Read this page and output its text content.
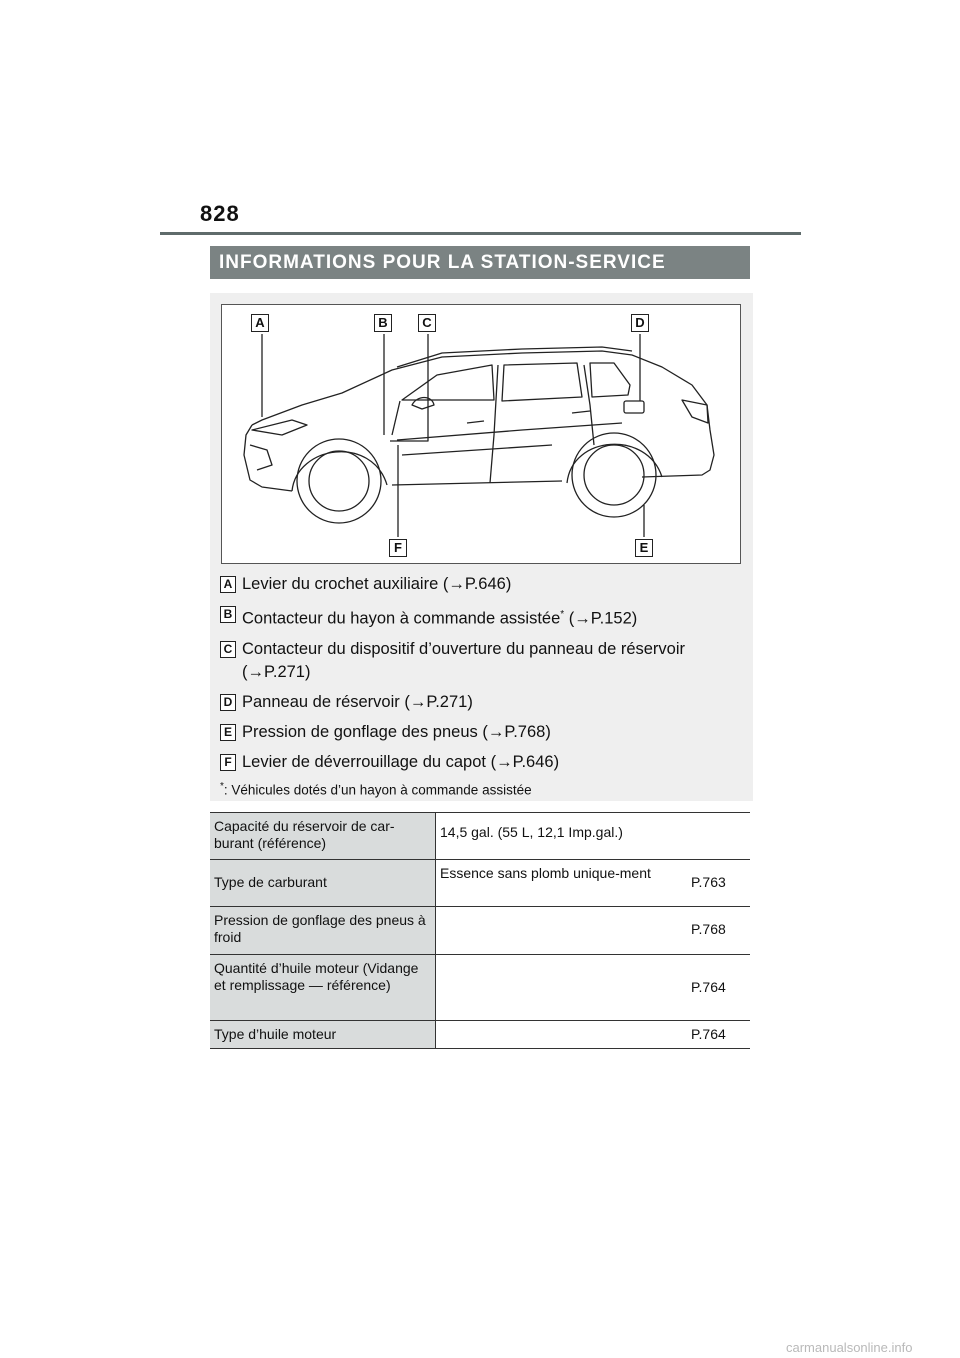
828
INFORMATIONS POUR LA STATION-SERVICE
A	B	C	D
F	E
A Levier du crochet auxiliaire (→P.646)
B Contacteur du hayon à commande assistée* (→P.152)
C Contacteur du dispositif d’ouverture du panneau de réservoir (→P.271)
D Panneau de réservoir (→P.271)
E Pression de gonflage des pneus (→P.768)
F Levier de déverrouillage du capot (→P.646)
*: Véhicules dotés d’un hayon à commande assistée
Capacité du réservoir de car-burant (référence)	14,5 gal. (55 L, 12,1 Imp.gal.)	
Type de carburant	Essence sans plomb unique-ment	P.763
Pression de gonflage des pneus à froid		P.768
Quantité d’huile moteur (Vidange et remplissage — référence)		P.764
Type d’huile moteur		P.764
carmanualsonline.info
